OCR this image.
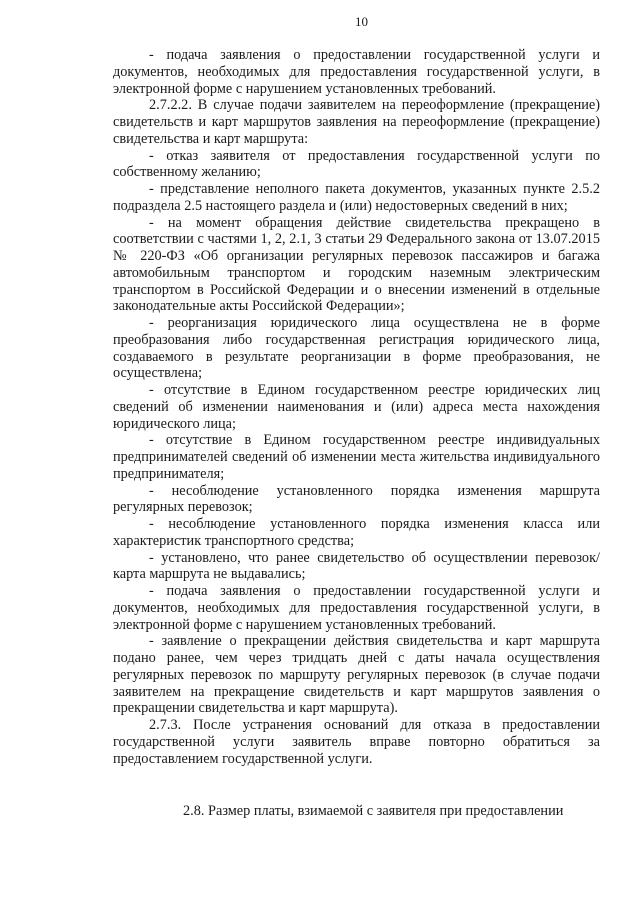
10

- подача заявления о предоставлении государственной услуги и документов, необходимых для предоставления государственной услуги, в электронной форме с нарушением установленных требований.

2.7.2.2. В случае подачи заявителем на переоформление (прекращение) свидетельств и карт маршрутов заявления на переоформление (прекращение) свидетельства и карт маршрута:

- отказ заявителя от предоставления государственной услуги по собственному желанию;

- представление неполного пакета документов, указанных пункте 2.5.2 подраздела 2.5 настоящего раздела и (или) недостоверных сведений в них;

- на момент обращения действие свидетельства прекращено в соответствии с частями 1, 2, 2.1, 3 статьи 29 Федерального закона от 13.07.2015 № 220-ФЗ «Об организации регулярных перевозок пассажиров и багажа автомобильным транспортом и городским наземным электрическим транспортом в Российской Федерации и о внесении изменений в отдельные законодательные акты Российской Федерации»;

- реорганизация юридического лица осуществлена не в форме преобразования либо государственная регистрация юридического лица, создаваемого в результате реорганизации в форме преобразования, не осуществлена;

- отсутствие в Едином государственном реестре юридических лиц сведений об изменении наименования и (или) адреса места нахождения юридического лица;

- отсутствие в Едином государственном реестре индивидуальных предпринимателей сведений об изменении места жительства индивидуального предпринимателя;

- несоблюдение установленного порядка изменения маршрута регулярных перевозок;

- несоблюдение установленного порядка изменения класса или характеристик транспортного средства;

- установлено, что ранее свидетельство об осуществлении перевозок/карта маршрута не выдавались;

- подача заявления о предоставлении государственной услуги и документов, необходимых для предоставления государственной услуги, в электронной форме с нарушением установленных требований.

- заявление о прекращении действия свидетельства и карт маршрута подано ранее, чем через тридцать дней с даты начала осуществления регулярных перевозок по маршруту регулярных перевозок (в случае подачи заявителем на прекращение свидетельств и карт маршрутов заявления о прекращении свидетельства и карт маршрута).

2.7.3. После устранения оснований для отказа в предоставлении государственной услуги заявитель вправе повторно обратиться за предоставлением государственной услуги.

2.8. Размер платы, взимаемой с заявителя при предоставлении
